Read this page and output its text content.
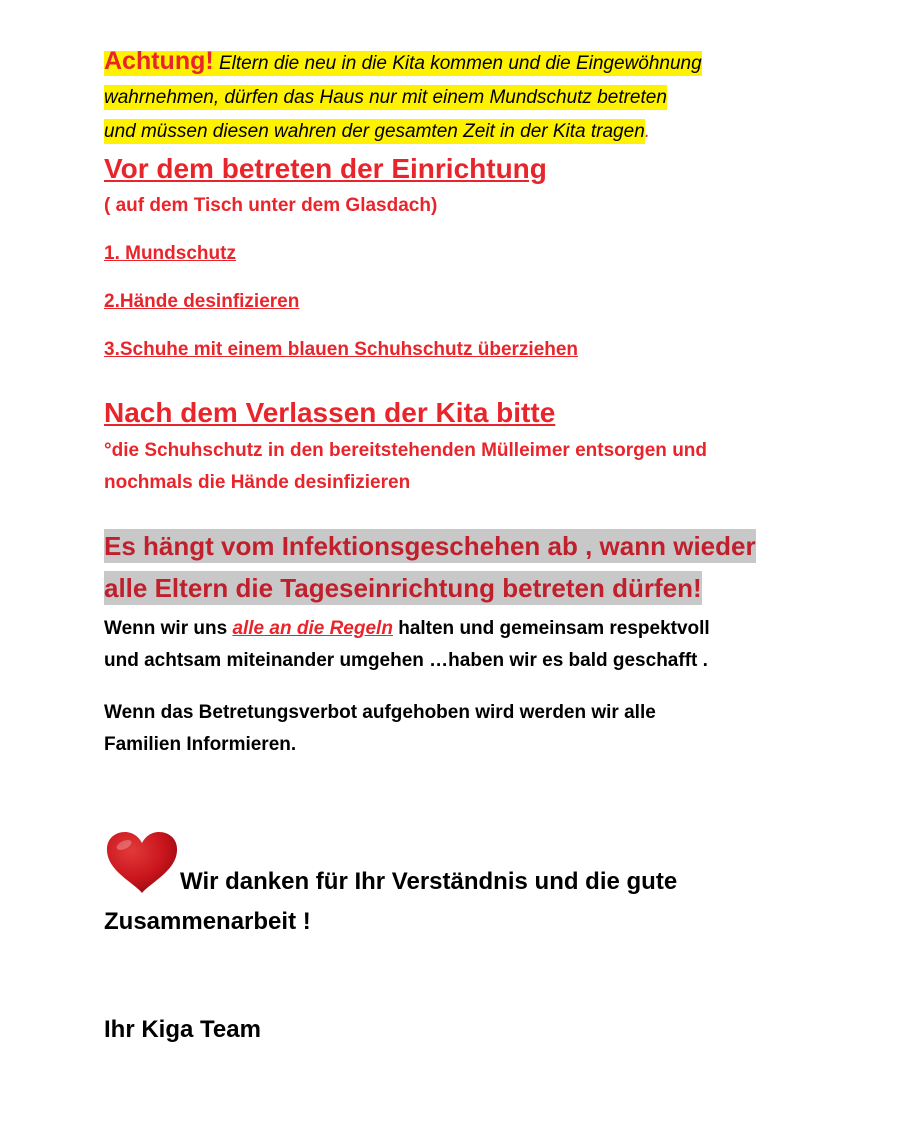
Achtung! Eltern die neu in die Kita kommen und die Eingewöhnung
wahrnehmen, dürfen das Haus nur mit einem Mundschutz betreten
und müssen diesen wahren der gesamten Zeit in der Kita tragen.

Vor dem betreten der Einrichtung

( auf dem Tisch unter dem Glasdach)

1. Mundschutz

2.Hände desinfizieren

3.Schuhe mit einem blauen Schuhschutz überziehen

Nach dem Verlassen der Kita bitte

°die Schuhschutz in den bereitstehenden Mülleimer entsorgen und
nochmals die Hände desinfizieren

Es hängt vom Infektionsgeschehen ab , wann wieder
alle Eltern die Tageseinrichtung betreten dürfen!

Wenn wir uns alle an die Regeln halten und gemeinsam respektvoll
und achtsam miteinander umgehen …haben wir es bald geschafft .

Wenn das Betretungsverbot aufgehoben wird werden wir alle
Familien Informieren.

Wir danken für Ihr Verständnis und die gute
Zusammenarbeit !

Ihr Kiga Team
